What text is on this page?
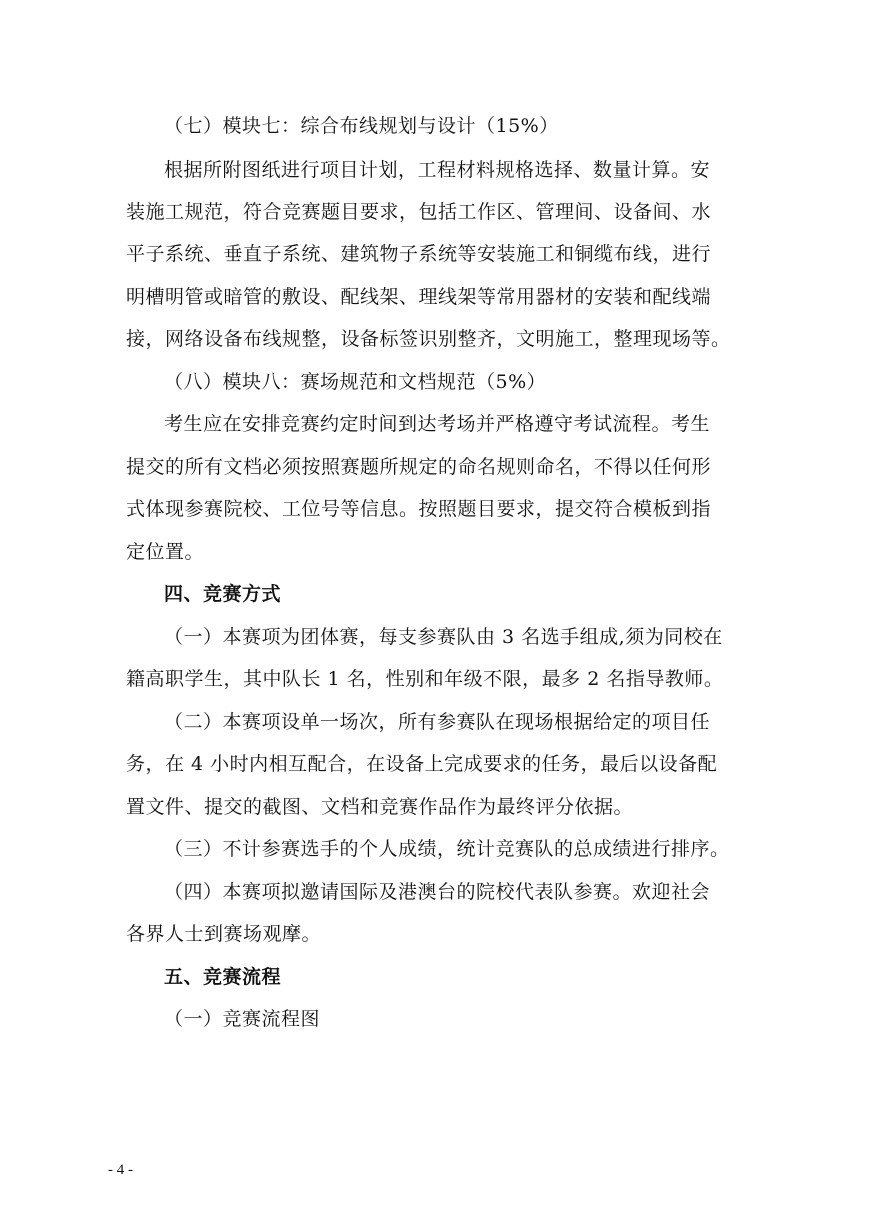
（七）模块七：综合布线规划与设计（15%）
根据所附图纸进行项目计划，工程材料规格选择、数量计算。安
装施工规范，符合竞赛题目要求，包括工作区、管理间、设备间、水
平子系统、垂直子系统、建筑物子系统等安装施工和铜缆布线，进行
明槽明管或暗管的敷设、配线架、理线架等常用器材的安装和配线端
接，网络设备布线规整，设备标签识别整齐，文明施工，整理现场等。
（八）模块八：赛场规范和文档规范（5%）
考生应在安排竞赛约定时间到达考场并严格遵守考试流程。考生
提交的所有文档必须按照赛题所规定的命名规则命名，不得以任何形
式体现参赛院校、工位号等信息。按照题目要求，提交符合模板到指
定位置。
四、竞赛方式
（一）本赛项为团体赛，每支参赛队由 3 名选手组成,须为同校在
籍高职学生，其中队长 1 名，性别和年级不限，最多 2 名指导教师。
（二）本赛项设单一场次，所有参赛队在现场根据给定的项目任
务，在 4 小时内相互配合，在设备上完成要求的任务，最后以设备配
置文件、提交的截图、文档和竞赛作品作为最终评分依据。
（三）不计参赛选手的个人成绩，统计竞赛队的总成绩进行排序。
（四）本赛项拟邀请国际及港澳台的院校代表队参赛。欢迎社会
各界人士到赛场观摩。
五、竞赛流程
（一）竞赛流程图
- 4 -
